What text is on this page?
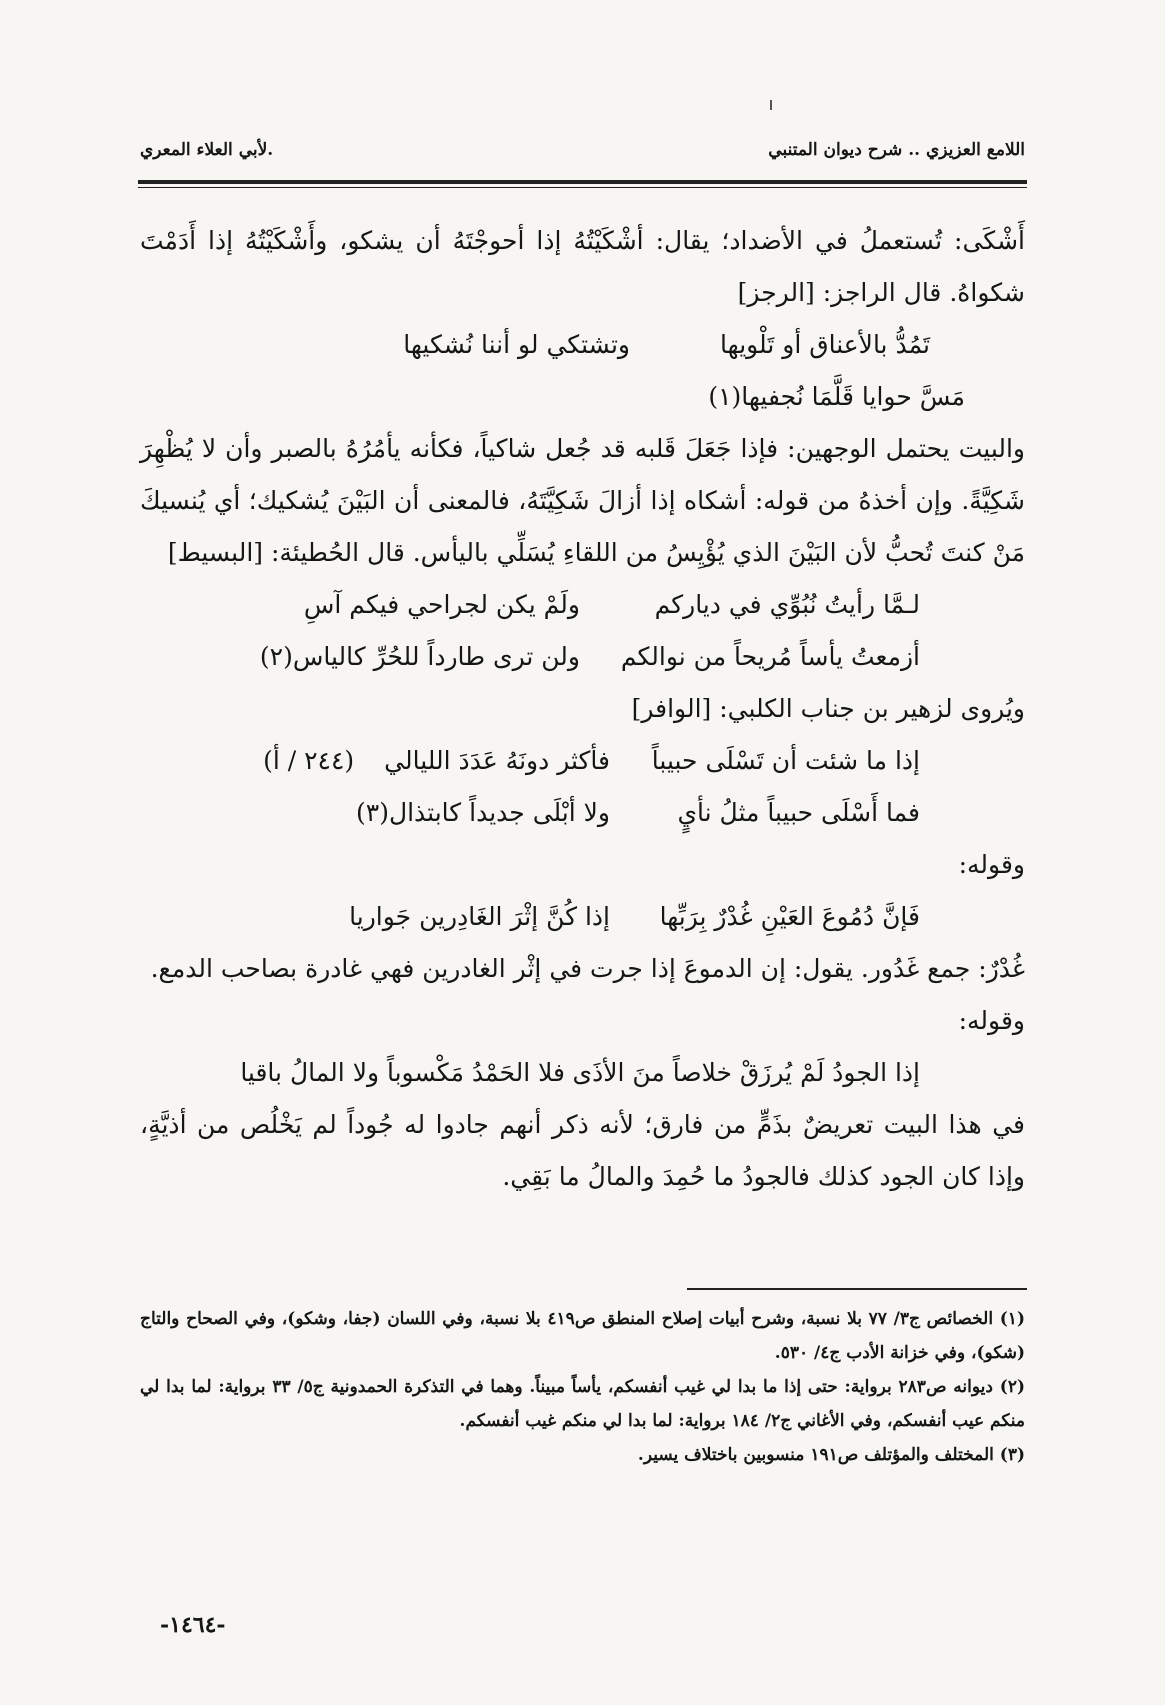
اللامع العزيزي .. شرح ديوان المتنبي
.لأبي العلاء المعري

أَشْكَى: تُستعملُ في الأضداد؛ يقال: أشْكَيْتُهُ إذا أحوجْتَهُ أن يشكو، وأَشْكَيْتُهُ إذا أَدَمْتَ شكواهُ. قال الراجز: [الرجز]

تَمُدُّ بالأعناق أو تَلْويها
وتشتكي لو أننا نُشكيها
مَسَّ حوايا قَلَّمَا نُجفيها(١)

والبيت يحتمل الوجهين: فإذا جَعَلَ قَلبه قد جُعل شاكياً، فكأنه يأمُرُهُ بالصبر وأن لا يُظْهِرَ شَكِيَّةً. وإن أخذهُ من قوله: أشكاه إذا أزالَ شَكِيَّتَهُ، فالمعنى أن البَيْنَ يُشكيك؛ أي يُنسيكَ مَنْ كنتَ تُحبُّ لأن البَيْنَ الذي يُؤْيِسُ من اللقاءِ يُسَلِّي باليأس. قال الحُطيئة: [البسيط]

لـمَّا رأيتُ نُبُوِّي في دياركم
ولَمْ يكن لجراحي فيكم آسِ
أزمعتُ يأساً مُريحاً من نوالكم
ولن ترى طارداً للحُرِّ كالياس(٢)

ويُروى لزهير بن جناب الكلبي: [الوافر]

إذا ما شئت أن تَسْلَى حبيباً
فأكثر دونَهُ عَدَدَ الليالي
(٢٤٤ / أ)
فما أَسْلَى حبيباً مثلُ نأيٍ
ولا أبْلَى جديداً كابتذال(٣)

وقوله:

فَإنَّ دُمُوعَ العَيْنِ غُدْرٌ بِرَبِّها
إذا كُنَّ إثْرَ الغَادِرين جَواريا

غُدْرٌ: جمع غَدُور. يقول: إن الدموعَ إذا جرت في إثْر الغادرين فهي غادرة بصاحب الدمع.

وقوله:

إذا الجودُ لَمْ يُرزَقْ خلاصاً منَ الأذَى
فلا الحَمْدُ مَكْسوباً ولا المالُ باقيا

في هذا البيت تعريضٌ بذَمٍّ من فارق؛ لأنه ذكر أنهم جادوا له جُوداً لم يَخْلُص من أذيَّةٍ، وإذا كان الجود كذلك فالجودُ ما حُمِدَ والمالُ ما بَقِي.

(١) الخصائص ج٣/ ٧٧ بلا نسبة، وشرح أبيات إصلاح المنطق ص٤١٩ بلا نسبة، وفي اللسان (جفا، وشكو)، وفي الصحاح والتاج (شكو)، وفي خزانة الأدب ج٤/ ٥٣٠.

(٢) ديوانه ص٢٨٣ برواية: حتى إذا ما بدا لي غيب أنفسكم، يأساً مبيناً. وهما في التذكرة الحمدونية ج٥/ ٣٣ برواية: لما بدا لي منكم عيب أنفسكم، وفي الأغاني ج٢/ ١٨٤ برواية: لما بدا لي منكم غيب أنفسكم.

(٣) المختلف والمؤتلف ص١٩١ منسوبين باختلاف يسير.

-١٤٦٤-
